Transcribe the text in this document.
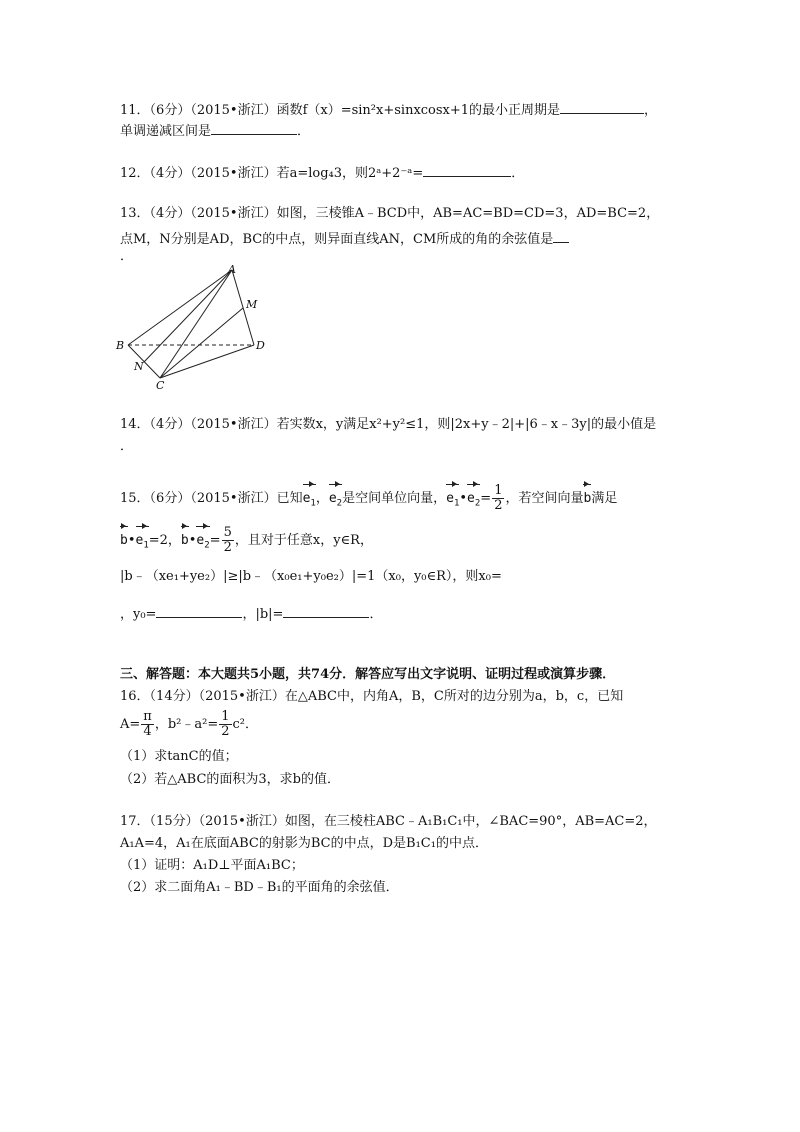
11．（6分）（2015•浙江）函数f（x）=sin²x+sinxcosx+1的最小正周期是	，
单调递减区间是	．
12．（4分）（2015•浙江）若a=log₄3，则2ᵃ+2⁻ᵃ=	．
13．（4分）（2015•浙江）如图，三棱锥A﹣BCD中，AB=AC=BD=CD=3，AD=BC=2，
点M，N分别是AD，BC的中点，则异面直线AN，CM所成的角的余弦值是
．
A
B
C
D
M
N
14．（4分）（2015•浙江）若实数x，y满足x²+y²≤1，则|2x+y﹣2|+|6﹣x﹣3y|的最小值是
．
15．（6分）（2015•浙江）已知$e_1$，$e_2$是空间单位向量，$e_1•e_2= \frac{1}{2}$ ，若空间向量b满足
$b•e_1=2$，$b•e_2= \frac{5}{2}$ ，且对于任意x，y∈R，
|b﹣（xe₁+ye₂）|≥|b﹣（x₀e₁+y₀e₂）|=1（x₀，y₀∈R），则x₀=
，y₀=	，|b|=	．
三、解答题：本大题共5小题，共74分．解答应写出文字说明、证明过程或演算步骤．
16．（14分）（2015•浙江）在△ABC中，内角A，B，C所对的边分别为a，b，c，已知
$A= \frac{\pi}{4}$ ，b²﹣a²= $\frac{1}{2} c^2$．
（1）求tanC的值；
（2）若△ABC的面积为3，求b的值．
17．（15分）（2015•浙江）如图，在三棱柱ABC﹣A₁B₁C₁中，∠BAC=90°，AB=AC=2，
A₁A=4，A₁在底面ABC的射影为BC的中点，D是B₁C₁的中点．
（1）证明：A₁D⊥平面A₁BC；
（2）求二面角A₁﹣BD﹣B₁的平面角的余弦值．
